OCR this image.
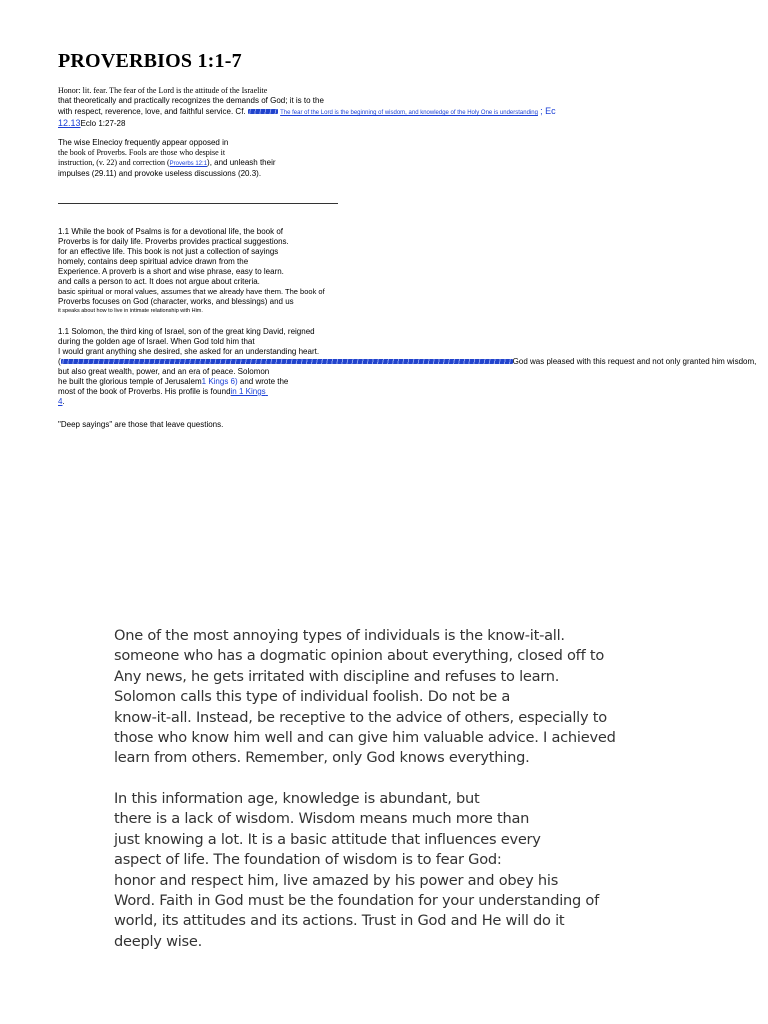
PROVERBIOS 1:1-7
Honor: lit. fear. The fear of the Lord is the attitude of the Israelite
that theoretically and practically recognizes the demands of God; it is to the
with respect, reverence, love, and faithful service. Cf.	The fear of the Lord is the beginning of wisdom, and knowledge of the Holy One is understanding ; Ec
12.13Eclo 1:27-28
The wise Elnecioy frequently appear opposed in
the book of Proverbs. Fools are those who despise it
instruction, (v. 22) and correction (Proverbs 12:1), and unleash their
impulses (29.11) and provoke useless discussions (20.3).
1.1 While the book of Psalms is for a devotional life, the book of
Proverbs is for daily life. Proverbs provides practical suggestions.
for an effective life. This book is not just a collection of sayings
homely, contains deep spiritual advice drawn from the
Experience. A proverb is a short and wise phrase, easy to learn.
and calls a person to act. It does not argue about criteria.
basic spiritual or moral values, assumes that we already have them. The book of
Proverbs focuses on God (character, works, and blessings) and us
it speaks about how to live in intimate relationship with Him.
1.1 Solomon, the third king of Israel, son of the great king David, reigned
during the golden age of Israel. When God told him that
I would grant anything she desired, she asked for an understanding heart.
(	God was pleased with this request and not only granted him wisdom,
but also great wealth, power, and an era of peace. Solomon
he built the glorious temple of Jerusalem1 Kings 6) and wrote the
most of the book of Proverbs. His profile is foundin 1 Kings
4.
"Deep sayings" are those that leave questions.
One of the most annoying types of individuals is the know-it-all.
someone who has a dogmatic opinion about everything, closed off to
Any news, he gets irritated with discipline and refuses to learn.
Solomon calls this type of individual foolish. Do not be a
know-it-all. Instead, be receptive to the advice of others, especially to
those who know him well and can give him valuable advice. I achieved
learn from others. Remember, only God knows everything.
In this information age, knowledge is abundant, but
there is a lack of wisdom. Wisdom means much more than
just knowing a lot. It is a basic attitude that influences every
aspect of life. The foundation of wisdom is to fear God:
honor and respect him, live amazed by his power and obey his
Word. Faith in God must be the foundation for your understanding of
world, its attitudes and its actions. Trust in God and He will do it
deeply wise.
